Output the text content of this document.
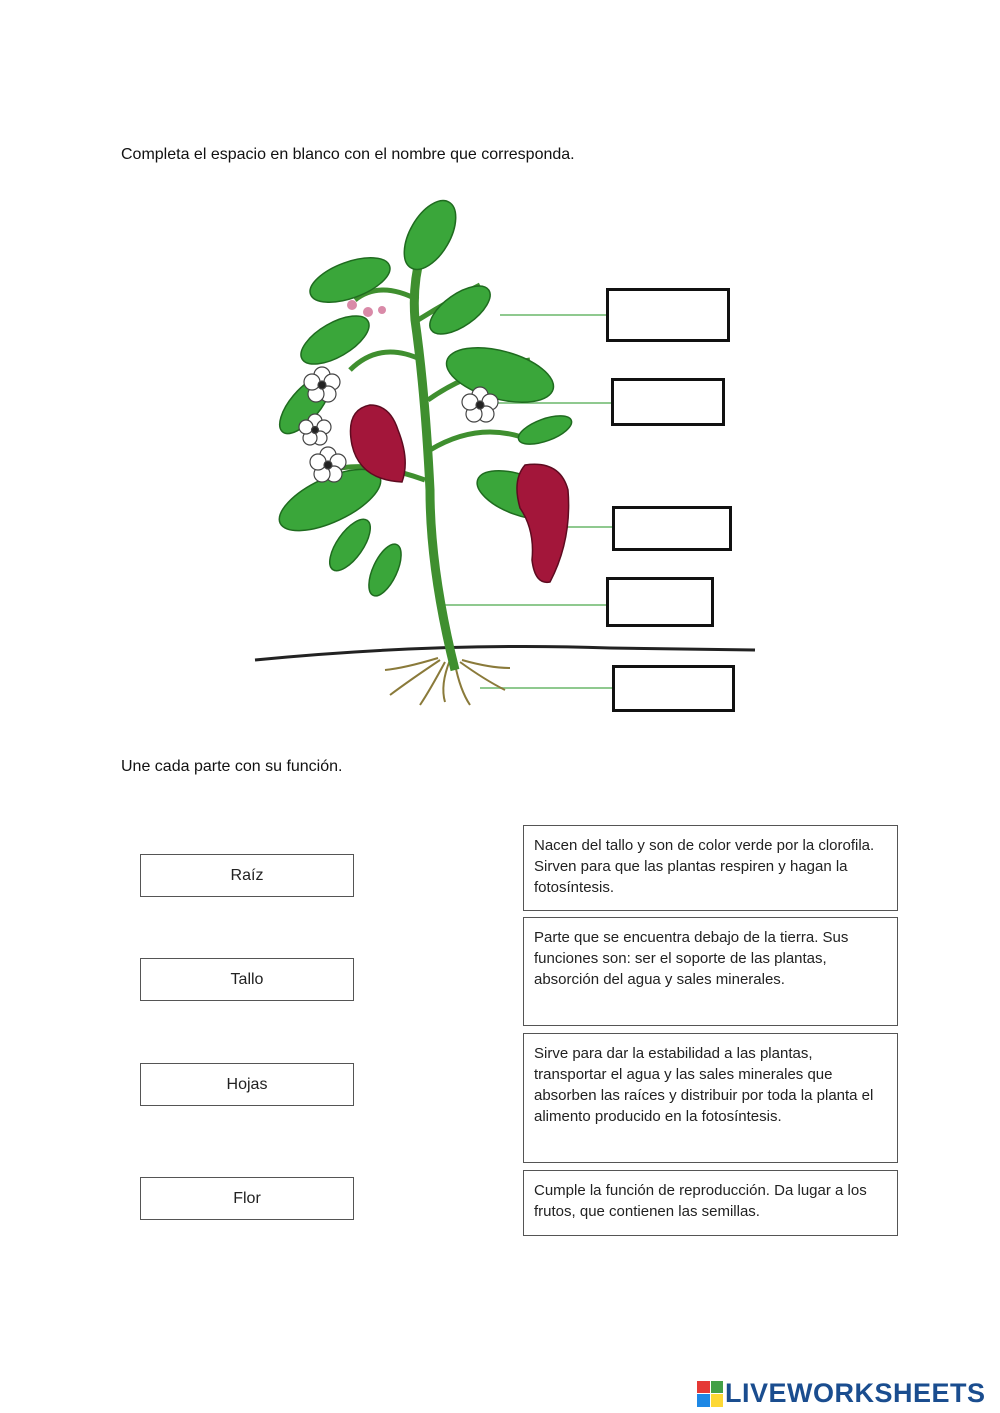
Completa el espacio en blanco con el nombre que corresponda.
Une cada parte con su función.
Raíz
Tallo
Hojas
Flor
Nacen del tallo y son de color verde por la clorofila. Sirven para que las plantas respiren y hagan la fotosíntesis.
Parte que se encuentra debajo de la tierra. Sus funciones son: ser el soporte de las plantas, absorción del agua y sales minerales.
Sirve para dar la estabilidad a las plantas, transportar el agua y las sales minerales que absorben las raíces y distribuir por toda la planta el alimento producido en la fotosíntesis.
Cumple la función de reproducción. Da lugar a los frutos, que contienen las semillas.
LIVEWORKSHEETS
